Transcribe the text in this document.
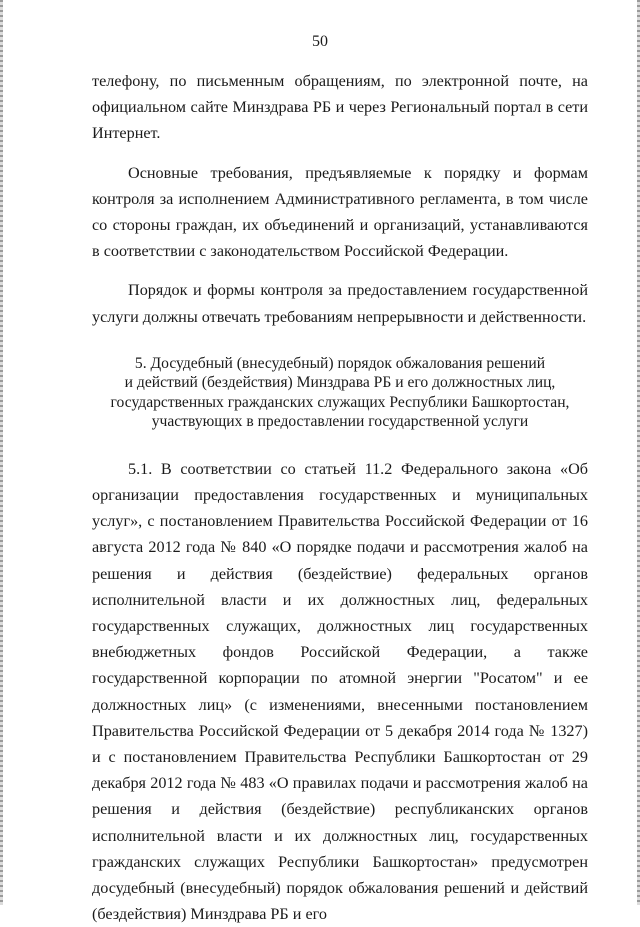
50

телефону, по письменным обращениям, по электронной почте, на официальном сайте Минздрава РБ и через Региональный портал в сети Интернет.

Основные требования, предъявляемые к порядку и формам контроля за исполнением Административного регламента, в том числе со стороны граждан, их объединений и организаций, устанавливаются в соответствии с законодательством Российской Федерации.

Порядок и формы контроля за предоставлением государственной услуги должны отвечать требованиям непрерывности и действенности.

5. Досудебный (внесудебный) порядок обжалования решений
и действий (бездействия) Минздрава РБ и его должностных лиц,
государственных гражданских служащих Республики Башкортостан,
участвующих в предоставлении государственной услуги

5.1. В соответствии со статьей 11.2 Федерального закона «Об организации предоставления государственных и муниципальных услуг», с постановлением Правительства Российской Федерации от 16 августа 2012 года № 840 «О порядке подачи и рассмотрения жалоб на решения и действия (бездействие) федеральных органов исполнительной власти и их должностных лиц, федеральных государственных служащих, должностных лиц государственных внебюджетных фондов Российской Федерации, а также государственной корпорации по атомной энергии "Росатом" и ее должностных лиц» (с изменениями, внесенными постановлением Правительства Российской Федерации от 5 декабря 2014 года № 1327) и с постановлением Правительства Республики Башкортостан от 29 декабря 2012 года № 483 «О правилах подачи и рассмотрения жалоб на решения и действия (бездействие) республиканских органов исполнительной власти и их должностных лиц, государственных гражданских служащих Республики Башкортостан» предусмотрен досудебный (внесудебный) порядок обжалования решений и действий (бездействия) Минздрава РБ и его
